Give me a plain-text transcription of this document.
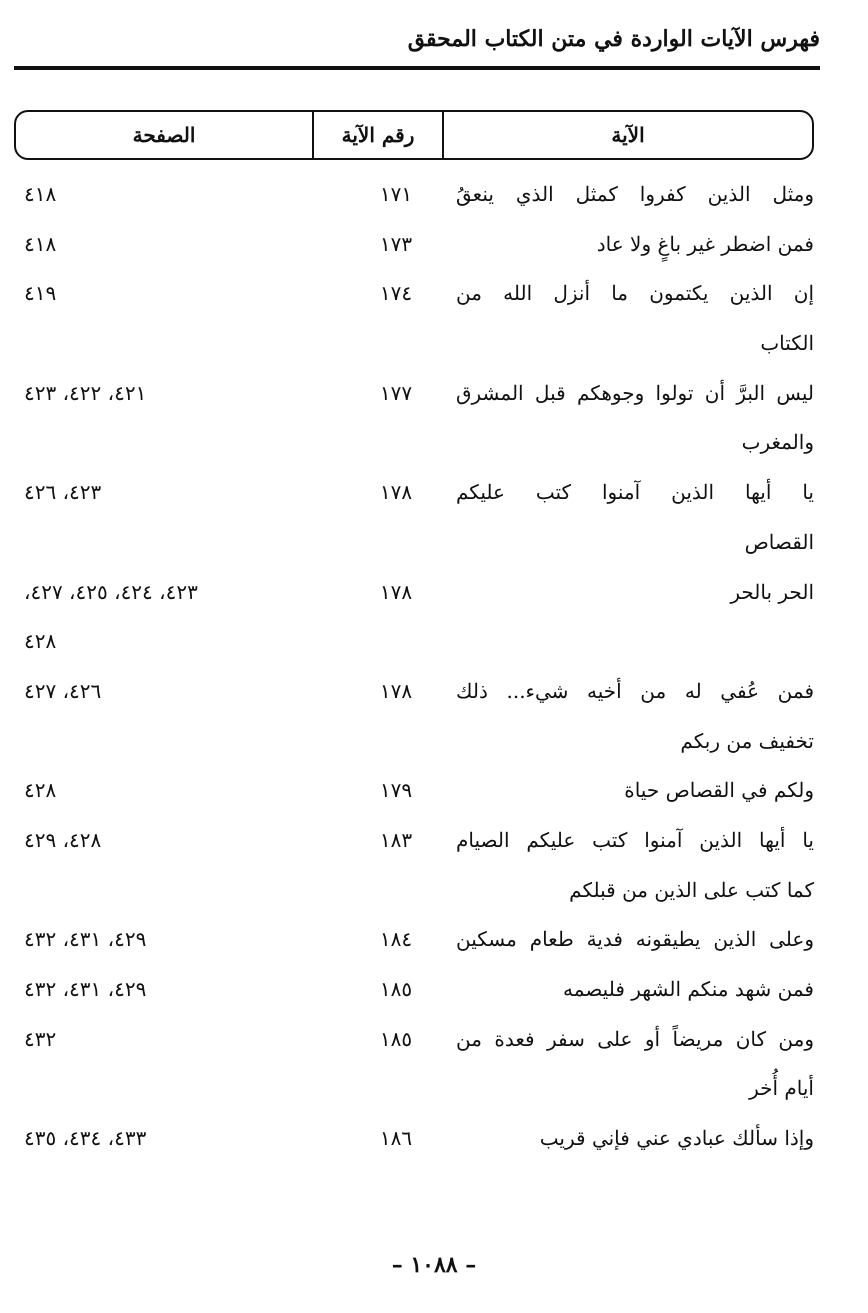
فهرس الآيات الواردة في متن الكتاب المحقق
الآية
رقم الآية
الصفحة
ومثل الذين كفروا كمثل الذي ينعقُ
١٧١
٤١٨
فمن اضطر غير باغٍ ولا عاد
١٧٣
٤١٨
إن الذين يكتمون ما أنزل الله من
١٧٤
٤١٩
الكتاب
ليس البرَّ أن تولوا وجوهكم قبل المشرق
١٧٧
٤٢١، ٤٢٢، ٤٢٣
والمغرب
يا أيها الذين آمنوا كتب عليكم
١٧٨
٤٢٣، ٤٢٦
القصاص
الحر بالحر
١٧٨
٤٢٣، ٤٢٤، ٤٢٥، ٤٢٧،
٤٢٨
فمن عُفي له من أخيه شيء... ذلك
١٧٨
٤٢٦، ٤٢٧
تخفيف من ربكم
ولكم في القصاص حياة
١٧٩
٤٢٨
يا أيها الذين آمنوا كتب عليكم الصيام
١٨٣
٤٢٨، ٤٢٩
كما كتب على الذين من قبلكم
وعلى الذين يطيقونه فدية طعام مسكين
١٨٤
٤٢٩، ٤٣١، ٤٣٢
فمن شهد منكم الشهر فليصمه
١٨٥
٤٢٩، ٤٣١، ٤٣٢
ومن كان مريضاً أو على سفر فعدة من
١٨٥
٤٣٢
أيام أُخر
وإذا سألك عبادي عني فإني قريب
١٨٦
٤٣٣، ٤٣٤، ٤٣٥
– ١٠٨٨ –
